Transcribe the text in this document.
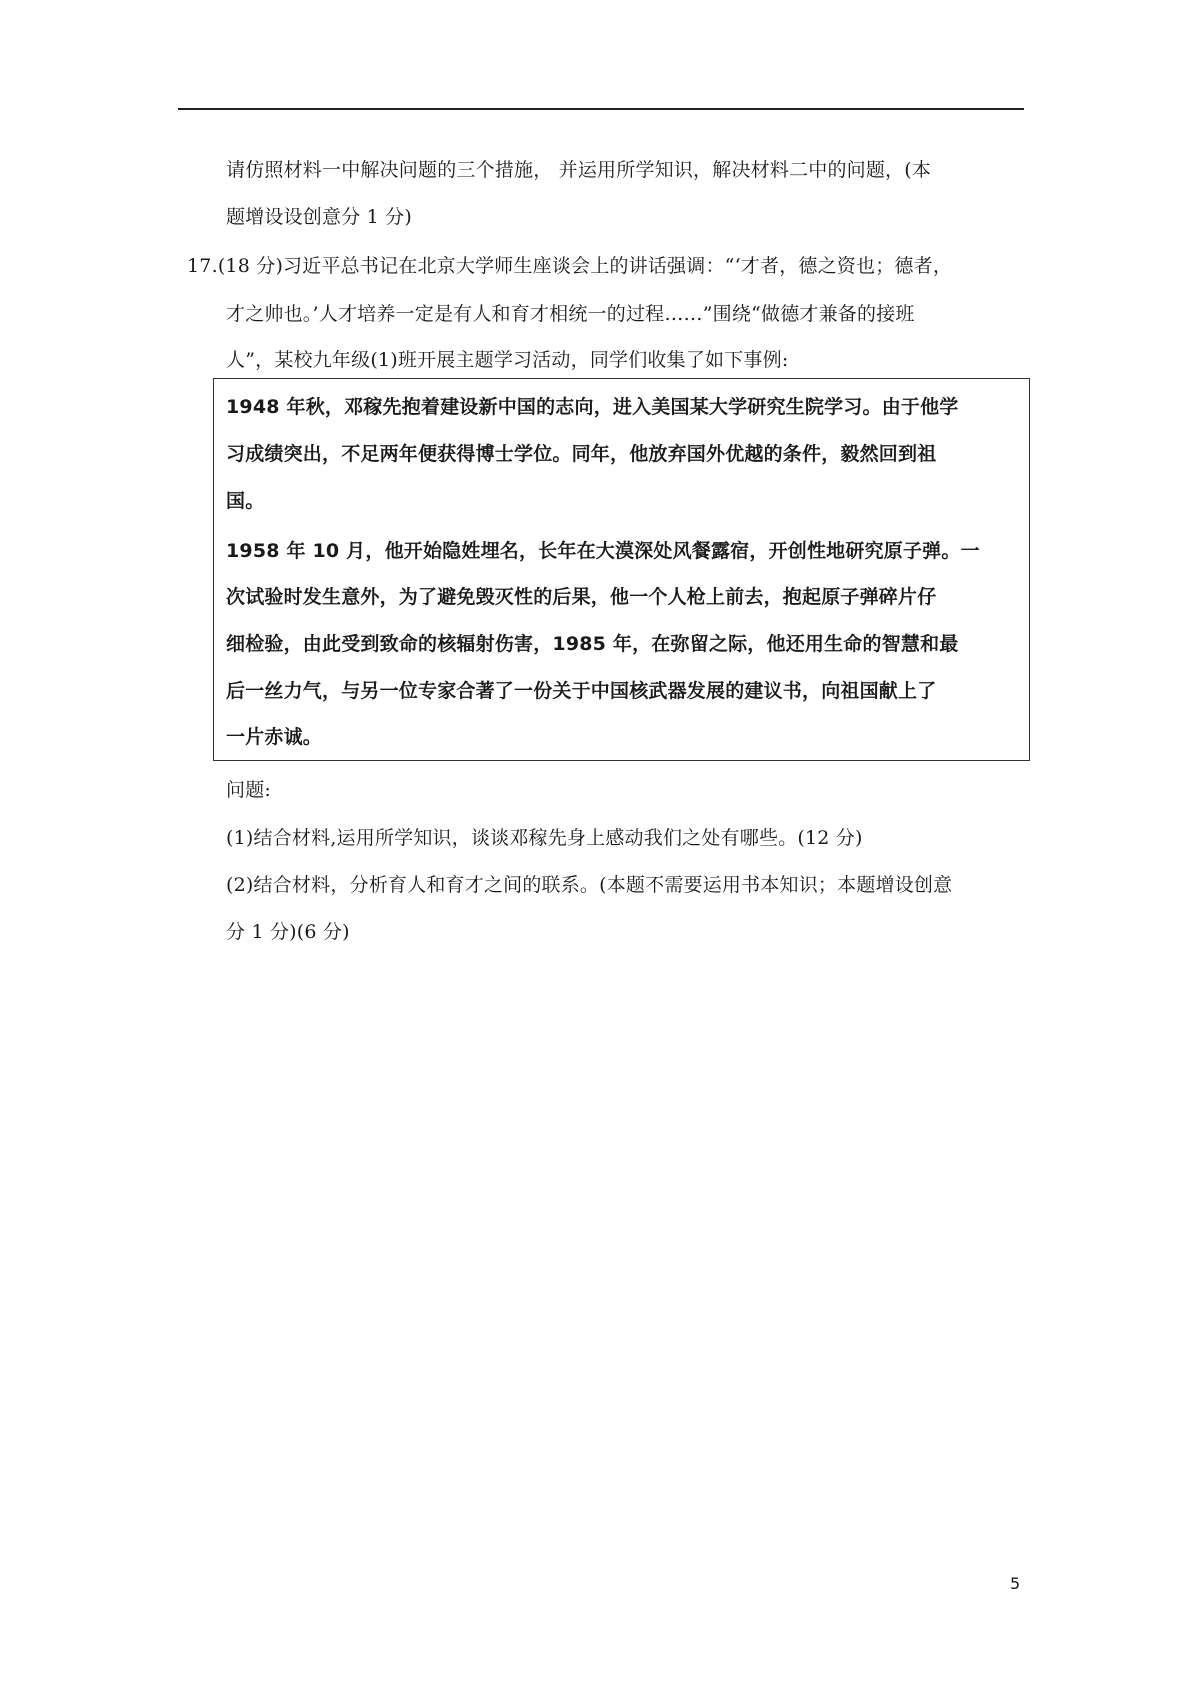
请仿照材料一中解决问题的三个措施， 并运用所学知识，解决材料二中的问题，(本
题增设设创意分 1 分)
17.(18 分)习近平总书记在北京大学师生座谈会上的讲话强调：“‘才者，德之资也；德者，
才之帅也。’人才培养一定是有人和育才相统一的过程……”围绕“做德才兼备的接班
人”，某校九年级(1)班开展主题学习活动，同学们收集了如下事例:
1948 年秋，邓稼先抱着建设新中国的志向，进入美国某大学研究生院学习。由于他学
习成绩突出，不足两年便获得博士学位。同年，他放弃国外优越的条件，毅然回到祖
国。
1958 年 10 月，他开始隐姓埋名，长年在大漠深处风餐露宿，开创性地研究原子弹。一
次试验时发生意外，为了避免毁灭性的后果，他一个人枪上前去，抱起原子弹碎片仔
细检验，由此受到致命的核辐射伤害，1985 年，在弥留之际，他还用生命的智慧和最
后一丝力气，与另一位专家合著了一份关于中国核武器发展的建议书，向祖国献上了
一片赤诚。
问题:
(1)结合材料,运用所学知识，谈谈邓稼先身上感动我们之处有哪些。(12 分)
(2)结合材料，分析育人和育才之间的联系。(本题不需要运用书本知识；本题增设创意
分 1 分)(6 分)
5
